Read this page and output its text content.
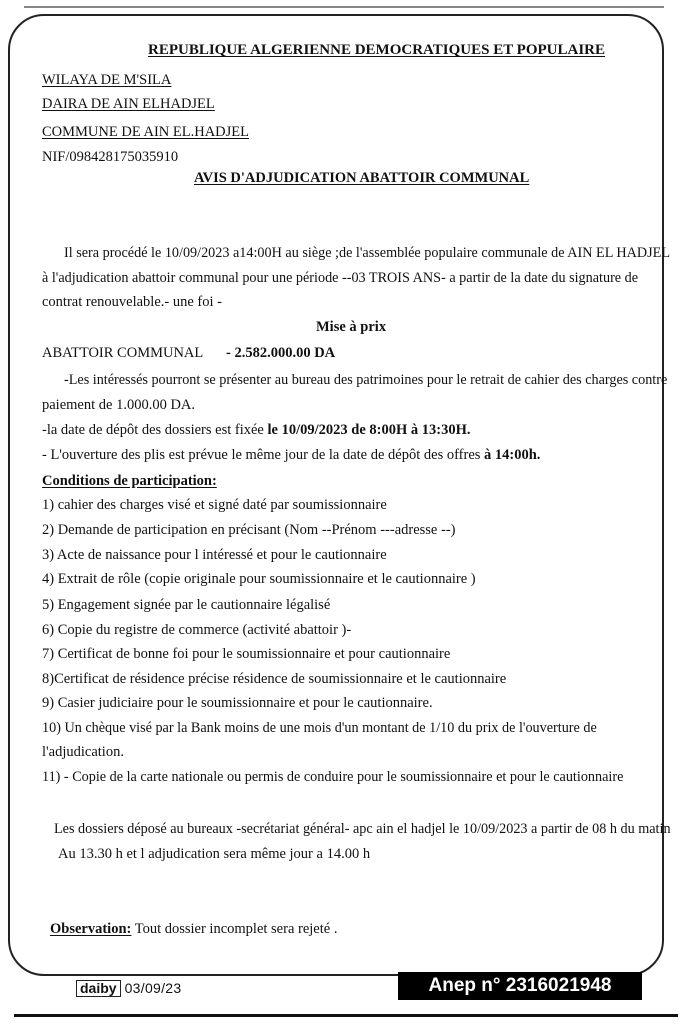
REPUBLIQUE ALGERIENNE DEMOCRATIQUES ET POPULAIRE
WILAYA DE M'SILA
DAIRA DE AIN ELHADJEL
COMMUNE DE AIN EL.HADJEL
NIF/098428175035910
AVIS D'ADJUDICATION ABATTOIR COMMUNAL
Il sera procédé le 10/09/2023 a14:00H au siège ;de l'assemblée populaire communale de AIN EL HADJEL
à l'adjudication abattoir communal pour une période --03 TROIS ANS- a partir de la date du signature de
contrat renouvelable.- une foi -
Mise à prix
ABATTOIR COMMUNAL - 2.582.000.00 DA
-Les intéressés pourront se présenter au bureau des patrimoines pour le retrait de cahier des charges contre
paiement de 1.000.00 DA.
-la date de dépôt des dossiers est fixée le 10/09/2023 de 8:00H à 13:30H.
- L'ouverture des plis est prévue le même jour de la date de dépôt des offres à 14:00h.
Conditions de participation:
1) cahier des charges visé et signé daté par soumissionnaire
2) Demande de participation en précisant (Nom --Prénom ---adresse --)
3) Acte de naissance pour l intéressé et pour le cautionnaire
4) Extrait de rôle (copie originale pour soumissionnaire et le cautionnaire )
5) Engagement signée par le cautionnaire légalisé
6) Copie du registre de commerce (activité abattoir )-
7) Certificat de bonne foi pour le soumissionnaire et pour cautionnaire
8)Certificat de résidence précise résidence de soumissionnaire et le cautionnaire
9) Casier judiciaire pour le soumissionnaire et pour le cautionnaire.
10) Un chèque visé par la Bank moins de une mois d'un montant de 1/10 du prix de l'ouverture de
l'adjudication.
11) - Copie de la carte nationale ou permis de conduire pour le soumissionnaire et pour le cautionnaire
Les dossiers déposé au bureaux -secrétariat général- apc ain el hadjel le 10/09/2023 a partir de 08 h du matin
Au 13.30 h et l adjudication sera même jour a 14.00 h
Observation: Tout dossier incomplet sera rejeté .
daiby 03/09/23	Anep n° 2316021948
